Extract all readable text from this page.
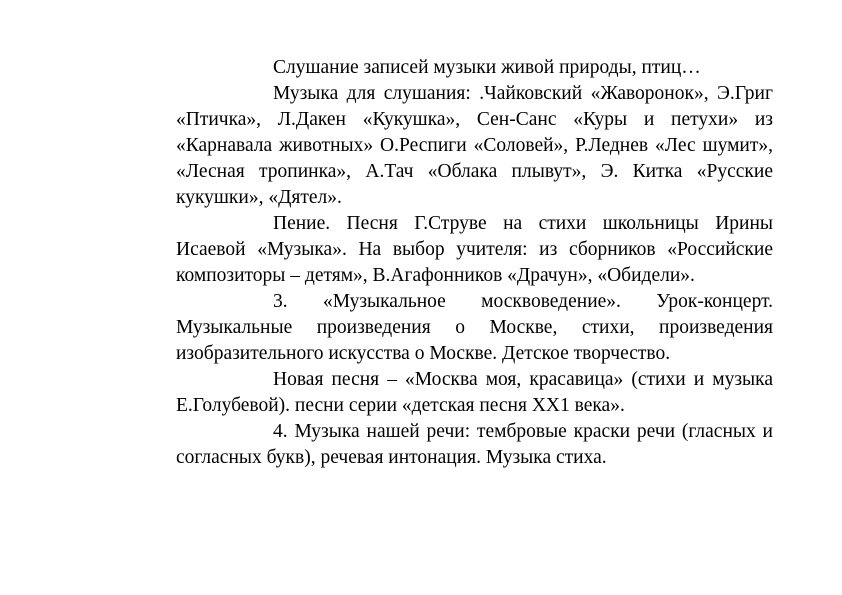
Слушание записей музыки живой природы, птиц…

Музыка для слушания: .Чайковский «Жаворонок», Э.Григ «Птичка», Л.Дакен «Кукушка», Сен-Санс «Куры и петухи» из «Карнавала животных» О.Респиги «Соловей», Р.Леднев «Лес шумит», «Лесная тропинка», А.Тач «Облака плывут», Э. Китка «Русские кукушки», «Дятел».

Пение. Песня Г.Струве на стихи школьницы Ирины Исаевой «Музыка». На выбор учителя: из сборников «Российские композиторы – детям», В.Агафонников «Драчун», «Обидели».

3. «Музыкальное москвоведение». Урок-концерт. Музыкальные произведения о Москве, стихи, произведения изобразительного искусства о Москве. Детское творчество.

Новая песня – «Москва моя, красавица» (стихи и музыка Е.Голубевой). песни серии «детская песня ХХ1 века».

4. Музыка нашей речи: тембровые краски речи (гласных и согласных букв), речевая интонация. Музыка стиха.
